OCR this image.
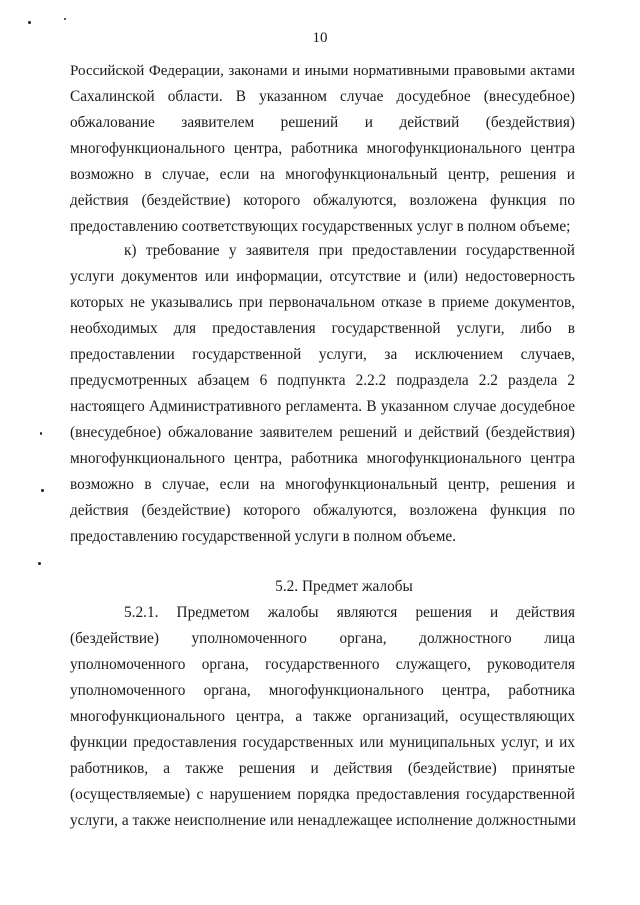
10
Российской Федерации, законами и иными нормативными правовыми актами
Сахалинской области. В указанном случае досудебное (внесудебное)
обжалование заявителем решений и действий (бездействия)
многофункционального центра, работника многофункционального центра
возможно в случае, если на многофункциональный центр, решения и
действия (бездействие) которого обжалуются, возложена функция по
предоставлению соответствующих государственных услуг в полном объеме;
к) требование у заявителя при предоставлении государственной
услуги документов или информации, отсутствие и (или) недостоверность
которых не указывались при первоначальном отказе в приеме документов,
необходимых для предоставления государственной услуги, либо в
предоставлении государственной услуги, за исключением случаев,
предусмотренных абзацем 6 подпункта 2.2.2 подраздела 2.2 раздела 2
настоящего Административного регламента. В указанном случае досудебное
(внесудебное) обжалование заявителем решений и действий (бездействия)
многофункционального центра, работника многофункционального центра
возможно в случае, если на многофункциональный центр, решения и
действия (бездействие) которого обжалуются, возложена функция по
предоставлению государственной услуги в полном объеме.
5.2. Предмет жалобы
5.2.1. Предметом жалобы являются решения и действия
(бездействие) уполномоченного органа, должностного лица
уполномоченного органа, государственного служащего, руководителя
уполномоченного органа, многофункционального центра, работника
многофункционального центра, а также организаций, осуществляющих
функции предоставления государственных или муниципальных услуг, и их
работников, а также решения и действия (бездействие) принятые
(осуществляемые) с нарушением порядка предоставления государственной
услуги, а также неисполнение или ненадлежащее исполнение должностными
